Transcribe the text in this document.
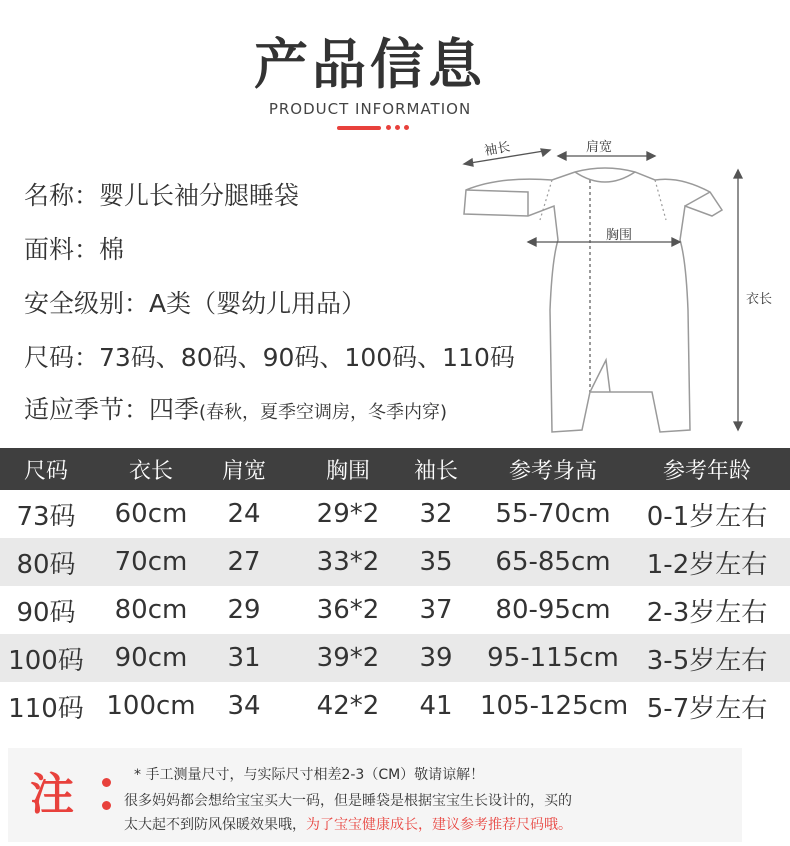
产品信息
PRODUCT INFORMATION
名称：婴儿长袖分腿睡袋
面料：棉
安全级别：A类（婴幼儿用品）
尺码：73码、80码、90码、100码、110码
适应季节：四季(春秋，夏季空调房，冬季内穿)
袖长	肩宽
胸围
衣长
尺码	衣长	肩宽	胸围	袖长	参考身高	参考年龄
73码	60cm	24	29*2	32	55-70cm	0-1岁左右
80码	70cm	27	33*2	35	65-85cm	1-2岁左右
90码	80cm	29	36*2	37	80-95cm	2-3岁左右
100码	90cm	31	39*2	39	95-115cm	3-5岁左右
110码 100cm	34	42*2	41	105-125cm 5-7岁左右
注	* 手工测量尺寸，与实际尺寸相差2-3（CM）敬请谅解！
很多妈妈都会想给宝宝买大一码，但是睡袋是根据宝宝生长设计的，买的
太大起不到防风保暖效果哦，为了宝宝健康成长，建议参考推荐尺码哦。
